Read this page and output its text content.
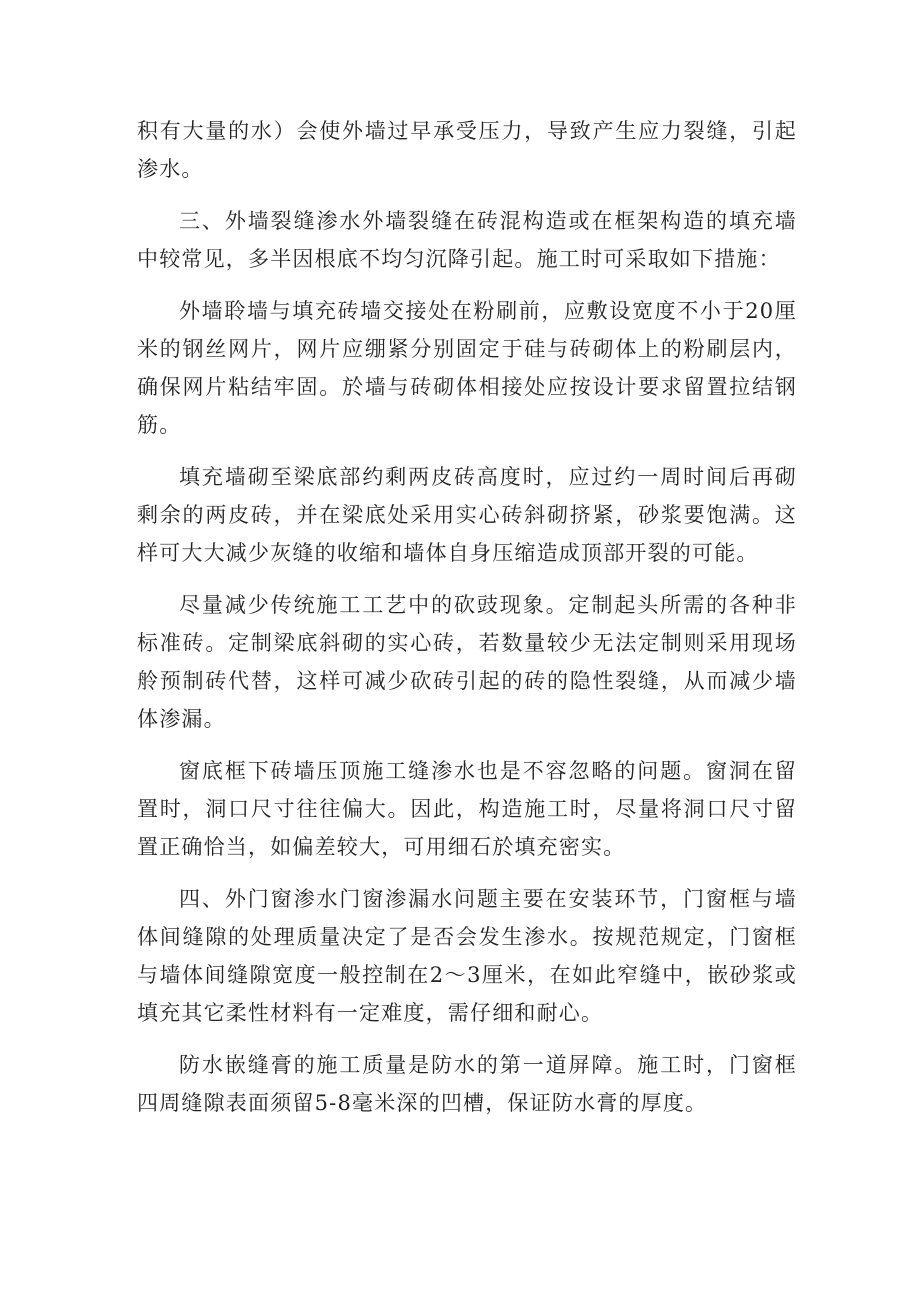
积有大量的水）会使外墙过早承受压力，导致产生应力裂缝，引起渗水。

三、外墙裂缝渗水外墙裂缝在砖混构造或在框架构造的填充墙中较常见，多半因根底不均匀沉降引起。施工时可采取如下措施：

外墙聆墙与填充砖墙交接处在粉刷前，应敷设宽度不小于20厘米的钢丝网片，网片应绷紧分别固定于硅与砖砌体上的粉刷层内，确保网片粘结牢固。於墙与砖砌体相接处应按设计要求留置拉结钢筋。

填充墙砌至梁底部约剩两皮砖高度时，应过约一周时间后再砌剩余的两皮砖，并在梁底处采用实心砖斜砌挤紧，砂浆要饱满。这样可大大减少灰缝的收缩和墙体自身压缩造成顶部开裂的可能。

尽量减少传统施工工艺中的砍豉现象。定制起头所需的各种非标准砖。定制梁底斜砌的实心砖，若数量较少无法定制则采用现场舲预制砖代替，这样可减少砍砖引起的砖的隐性裂缝，从而减少墙体渗漏。

窗底框下砖墙压顶施工缝渗水也是不容忽略的问题。窗洞在留置时，洞口尺寸往往偏大。因此，构造施工时，尽量将洞口尺寸留置正确恰当，如偏差较大，可用细石於填充密实。

四、外门窗渗水门窗渗漏水问题主要在安装环节，门窗框与墙体间缝隙的处理质量决定了是否会发生渗水。按规范规定，门窗框与墙体间缝隙宽度一般控制在2～3厘米，在如此窄缝中，嵌砂浆或填充其它柔性材料有一定难度，需仔细和耐心。

防水嵌缝膏的施工质量是防水的第一道屏障。施工时，门窗框四周缝隙表面须留5-8毫米深的凹槽，保证防水膏的厚度。
